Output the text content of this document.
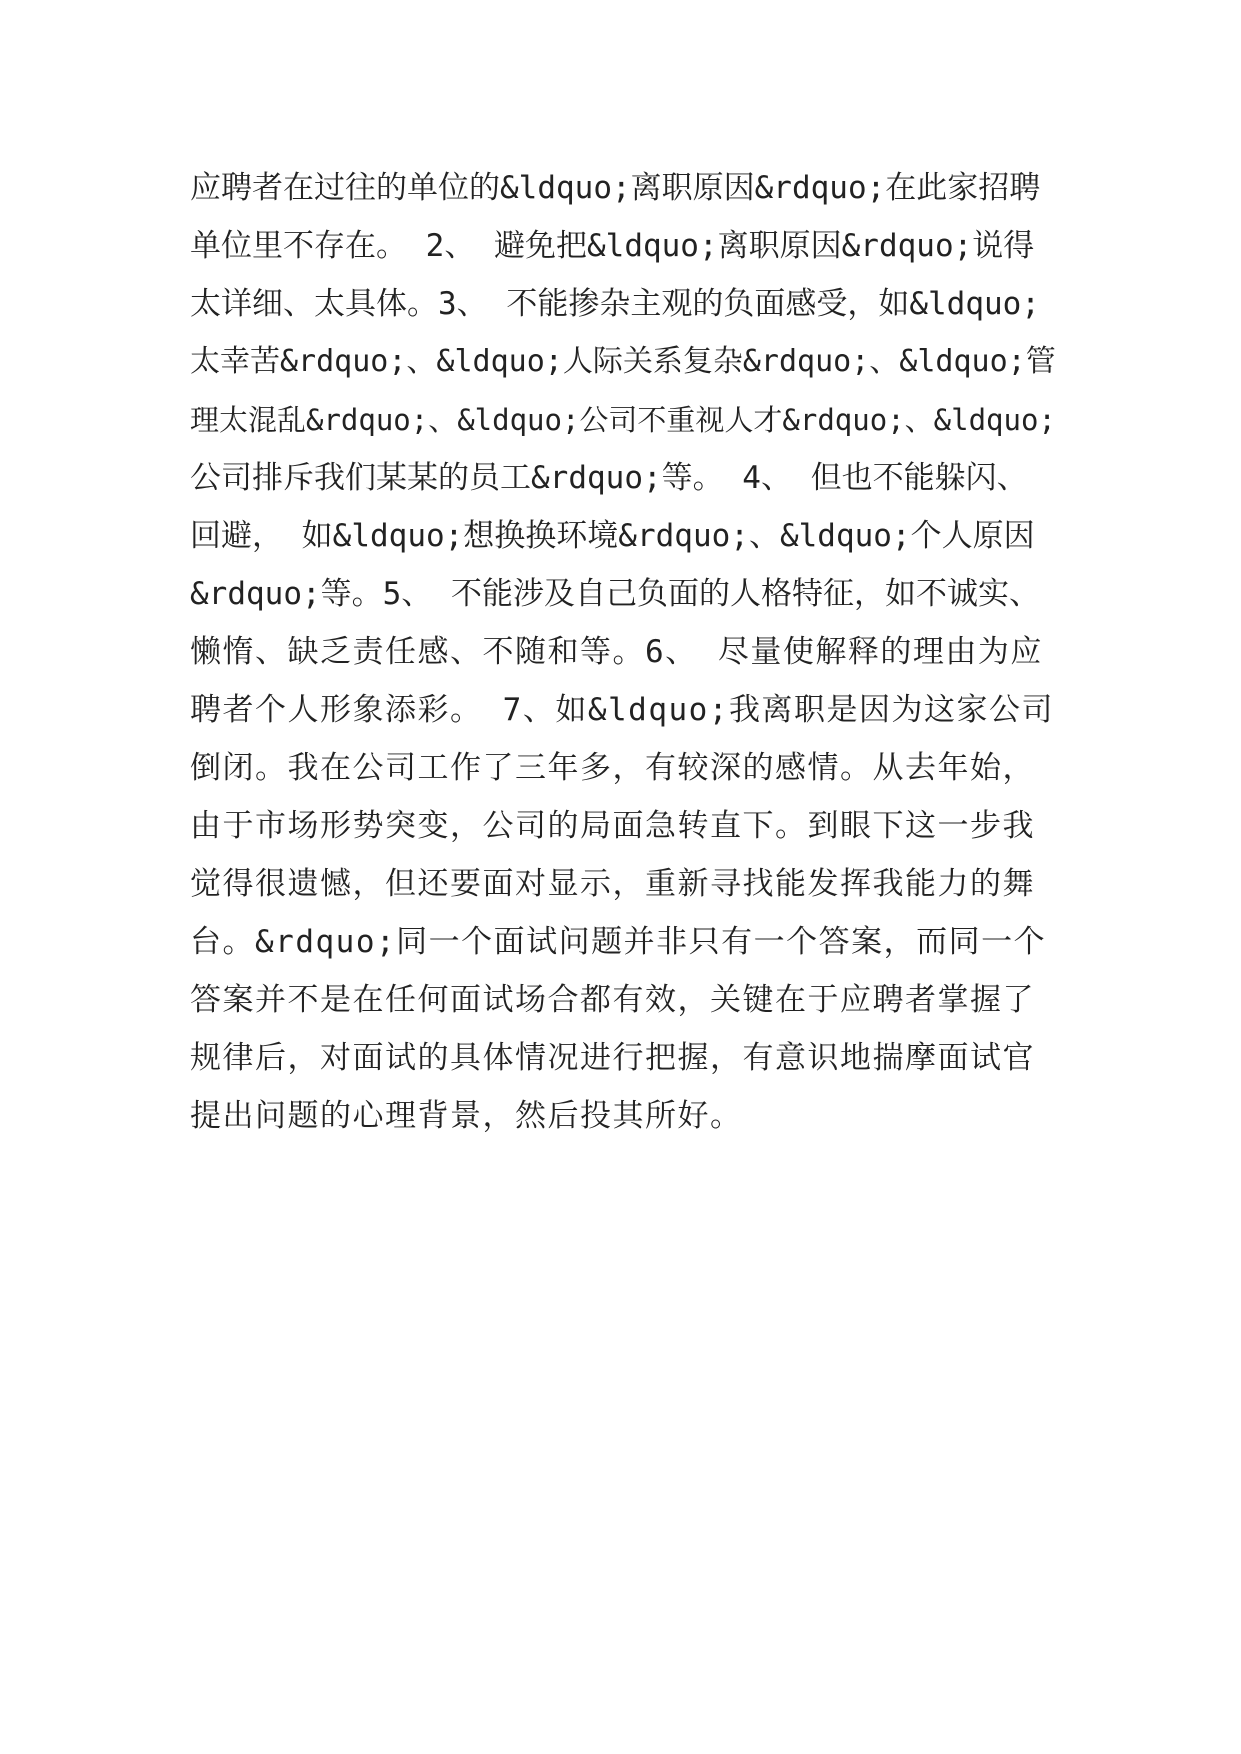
应聘者在过往的单位的&ldquo;离职原因&rdquo;在此家招聘
单位里不存在。 2、 避免把&ldquo;离职原因&rdquo;说得
太详细、太具体。3、 不能掺杂主观的负面感受，如&ldquo;
太幸苦&rdquo;、&ldquo;人际关系复杂&rdquo;、&ldquo;管
理太混乱&rdquo;、&ldquo;公司不重视人才&rdquo;、&ldquo;
公司排斥我们某某的员工&rdquo;等。 4、 但也不能躲闪、
回避， 如&ldquo;想换换环境&rdquo;、&ldquo;个人原因
&rdquo;等。5、 不能涉及自己负面的人格特征，如不诚实、
懒惰、缺乏责任感、不随和等。6、 尽量使解释的理由为应
聘者个人形象添彩。 7、如&ldquo;我离职是因为这家公司
倒闭。我在公司工作了三年多，有较深的感情。从去年始，
由于市场形势突变，公司的局面急转直下。到眼下这一步我
觉得很遗憾，但还要面对显示，重新寻找能发挥我能力的舞
台。&rdquo;同一个面试问题并非只有一个答案，而同一个
答案并不是在任何面试场合都有效，关键在于应聘者掌握了
规律后，对面试的具体情况进行把握，有意识地揣摩面试官
提出问题的心理背景，然后投其所好。
